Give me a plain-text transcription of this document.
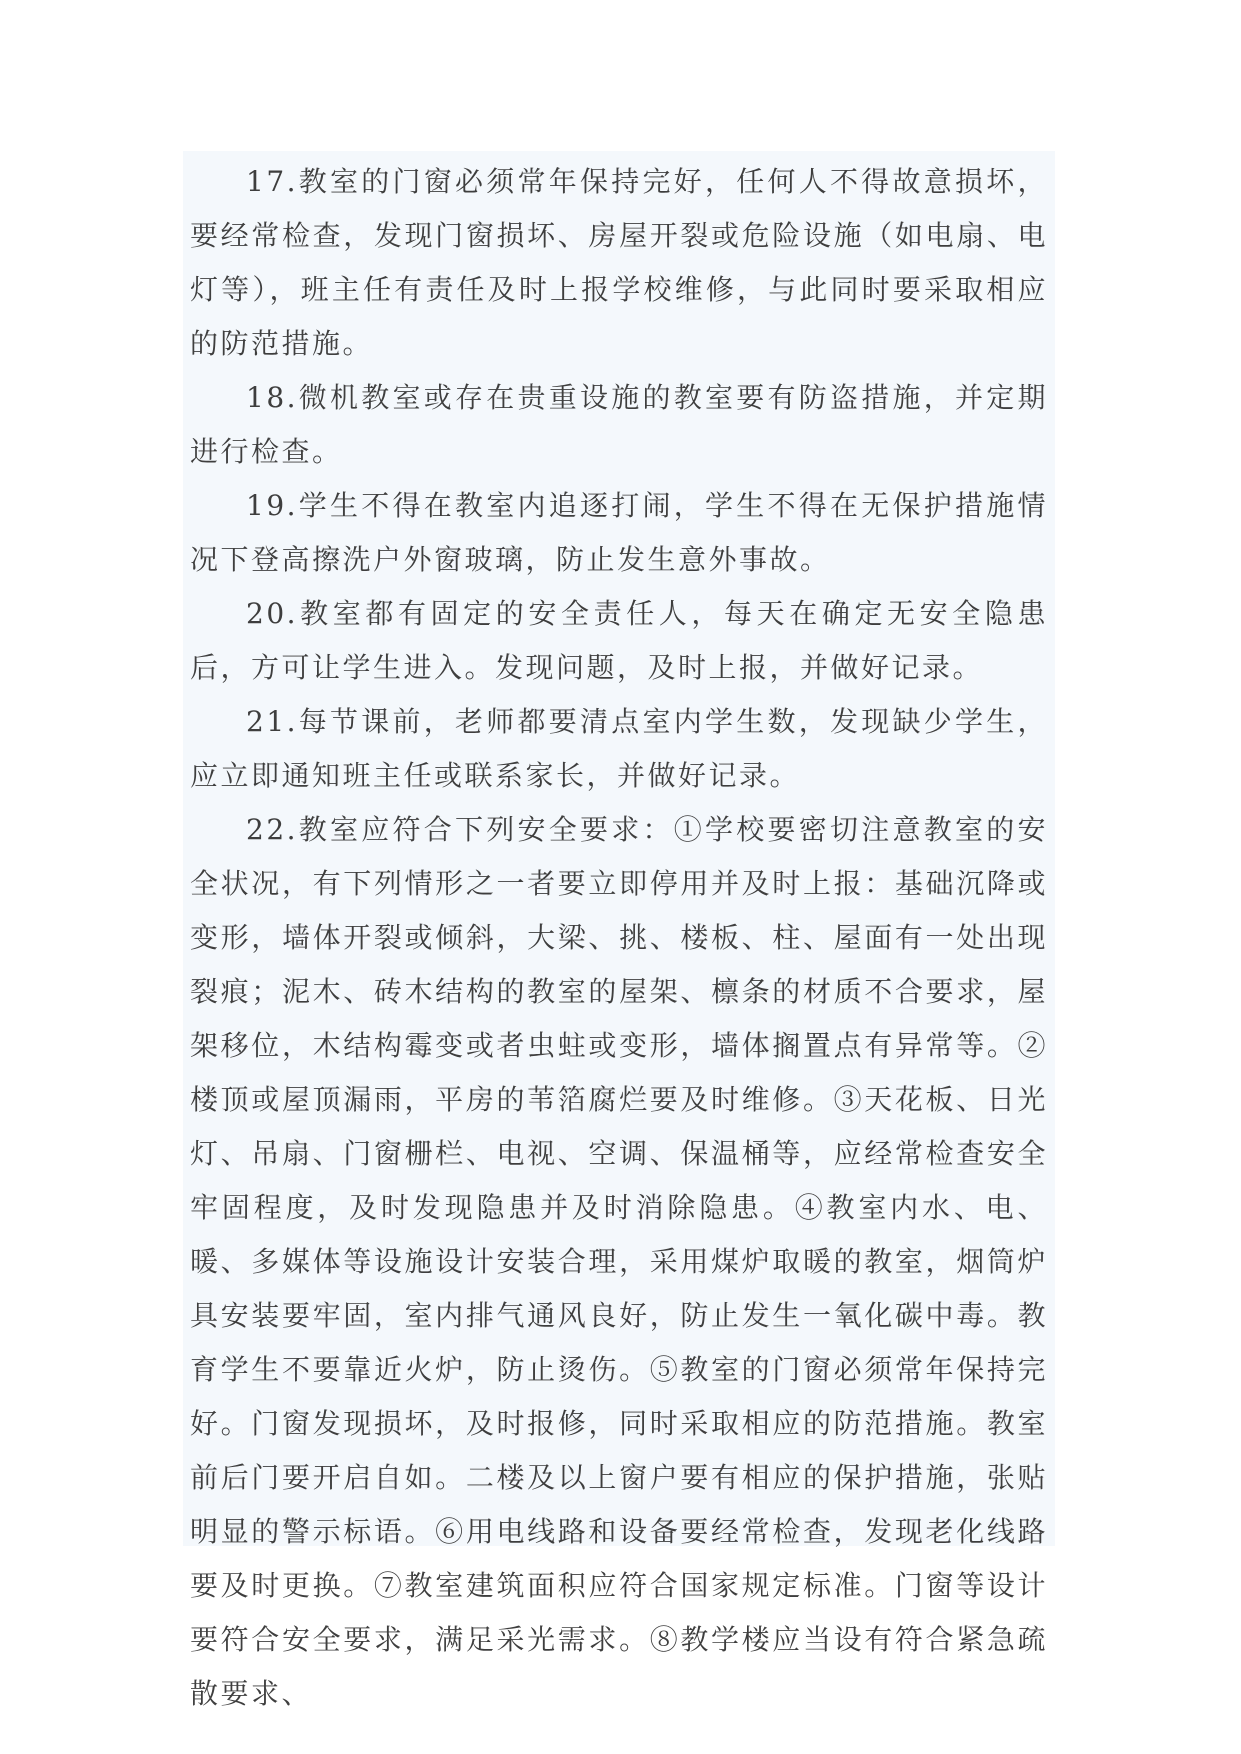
17.教室的门窗必须常年保持完好，任何人不得故意损坏，要经常检查，发现门窗损坏、房屋开裂或危险设施（如电扇、电灯等），班主任有责任及时上报学校维修，与此同时要采取相应的防范措施。

18.微机教室或存在贵重设施的教室要有防盗措施，并定期进行检查。

19.学生不得在教室内追逐打闹，学生不得在无保护措施情况下登高擦洗户外窗玻璃，防止发生意外事故。

20.教室都有固定的安全责任人，每天在确定无安全隐患后，方可让学生进入。发现问题，及时上报，并做好记录。

21.每节课前，老师都要清点室内学生数，发现缺少学生，应立即通知班主任或联系家长，并做好记录。

22.教室应符合下列安全要求：①学校要密切注意教室的安全状况，有下列情形之一者要立即停用并及时上报：基础沉降或变形，墙体开裂或倾斜，大梁、挑、楼板、柱、屋面有一处出现裂痕；泥木、砖木结构的教室的屋架、檩条的材质不合要求，屋架移位，木结构霉变或者虫蛀或变形，墙体搁置点有异常等。②楼顶或屋顶漏雨，平房的苇箔腐烂要及时维修。③天花板、日光灯、吊扇、门窗栅栏、电视、空调、保温桶等，应经常检查安全牢固程度，及时发现隐患并及时消除隐患。④教室内水、电、暖、多媒体等设施设计安装合理，采用煤炉取暖的教室，烟筒炉具安装要牢固，室内排气通风良好，防止发生一氧化碳中毒。教育学生不要靠近火炉，防止烫伤。⑤教室的门窗必须常年保持完好。门窗发现损坏，及时报修，同时采取相应的防范措施。教室前后门要开启自如。二楼及以上窗户要有相应的保护措施，张贴明显的警示标语。⑥用电线路和设备要经常检查，发现老化线路要及时更换。⑦教室建筑面积应符合国家规定标准。门窗等设计要符合安全要求，满足采光需求。⑧教学楼应当设有符合紧急疏散要求、
